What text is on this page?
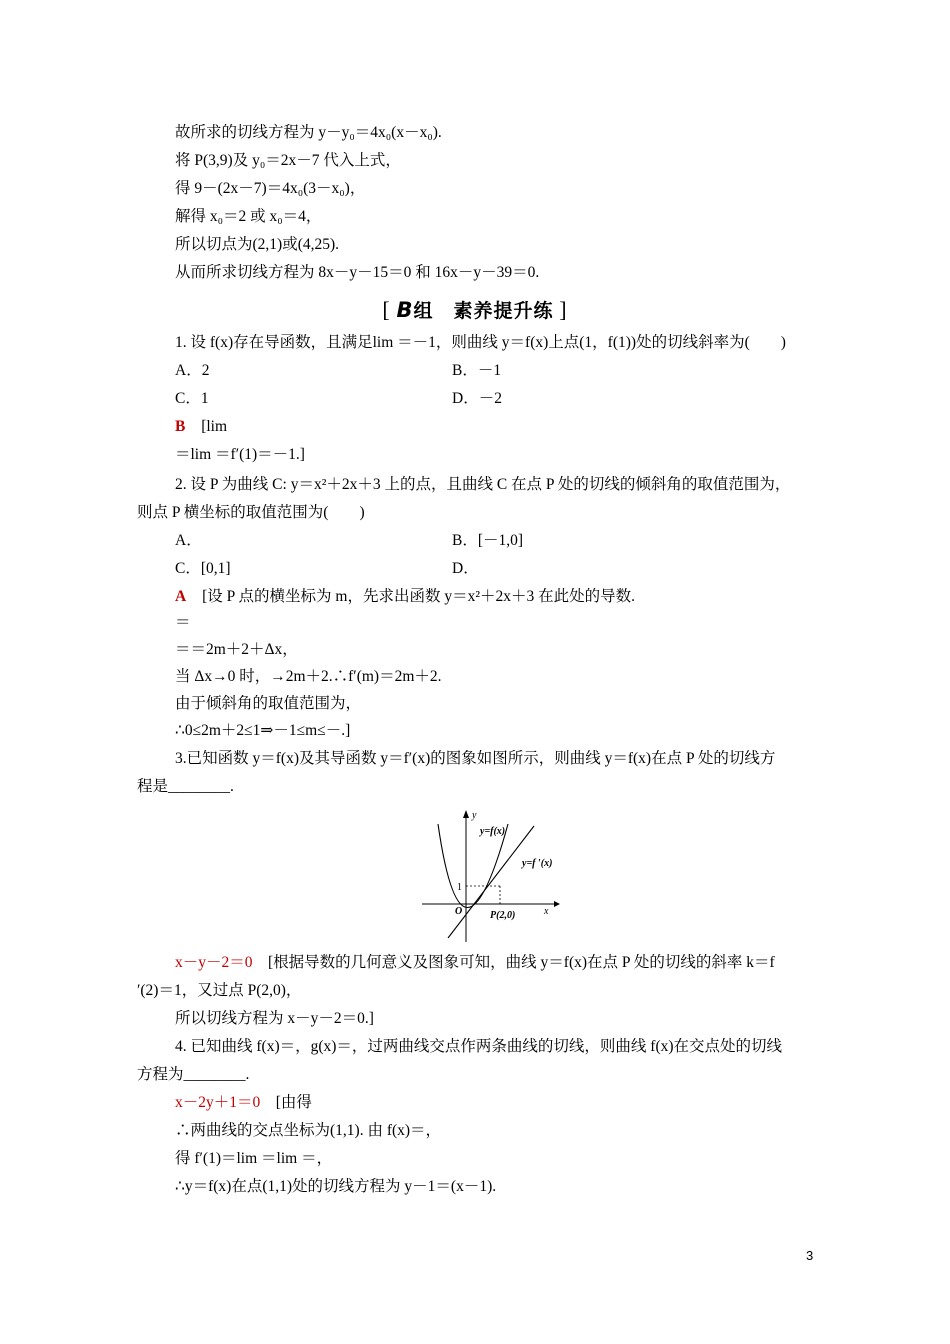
故所求的切线方程为 y－y₀＝4x₀(x－x₀).
将 P(3,9)及 y₀＝2x－7 代入上式，
得 9－(2x－7)＝4x₀(3－x₀)，
解得 x₀＝2 或 x₀＝4，
所以切点为(2,1)或(4,25).
从而所求切线方程为 8x－y－15＝0 和 16x－y－39＝0.
[ B组　素养提升练 ]
1. 设 f(x)存在导函数，且满足lim ＝－1，则曲线 y＝f(x)上点(1，f(1))处的切线斜率为(　　)
A．2	B．－1
C．1	D．－2
B [lim
＝lim ＝f′(1)＝－1.]
2. 设 P 为曲线 C: y＝x²＋2x＋3 上的点，且曲线 C 在点 P 处的切线的倾斜角的取值范围为，
则点 P 横坐标的取值范围为(　　)
A．	B．[－1,0]
C．[0,1]	D．
A [设 P 点的横坐标为 m，先求出函数 y＝x²＋2x＋3 在此处的导数.
＝
＝＝2m＋2＋Δx，
当 Δx→0 时，→2m＋2.∴f′(m)＝2m＋2.
由于倾斜角的取值范围为，
∴0≤2m＋2≤1⇒－1≤m≤－.]
3.已知函数 y＝f(x)及其导函数 y＝f′(x)的图象如图所示，则曲线 y＝f(x)在点 P 处的切线方
程是________.
y
x
O
1
y=f(x)
y=f ′(x)
P(2,0)
x－y－2＝0　[根据导数的几何意义及图象可知，曲线 y＝f(x)在点 P 处的切线的斜率 k＝f
′(2)＝1，又过点 P(2,0)，
所以切线方程为 x－y－2＝0.]
4. 已知曲线 f(x)＝，g(x)＝，过两曲线交点作两条曲线的切线，则曲线 f(x)在交点处的切线
方程为________.
x－2y＋1＝0　[由得
∴两曲线的交点坐标为(1,1). 由 f(x)＝，
得 f′(1)＝lim ＝lim ＝，
∴y＝f(x)在点(1,1)处的切线方程为 y－1＝(x－1).
3
